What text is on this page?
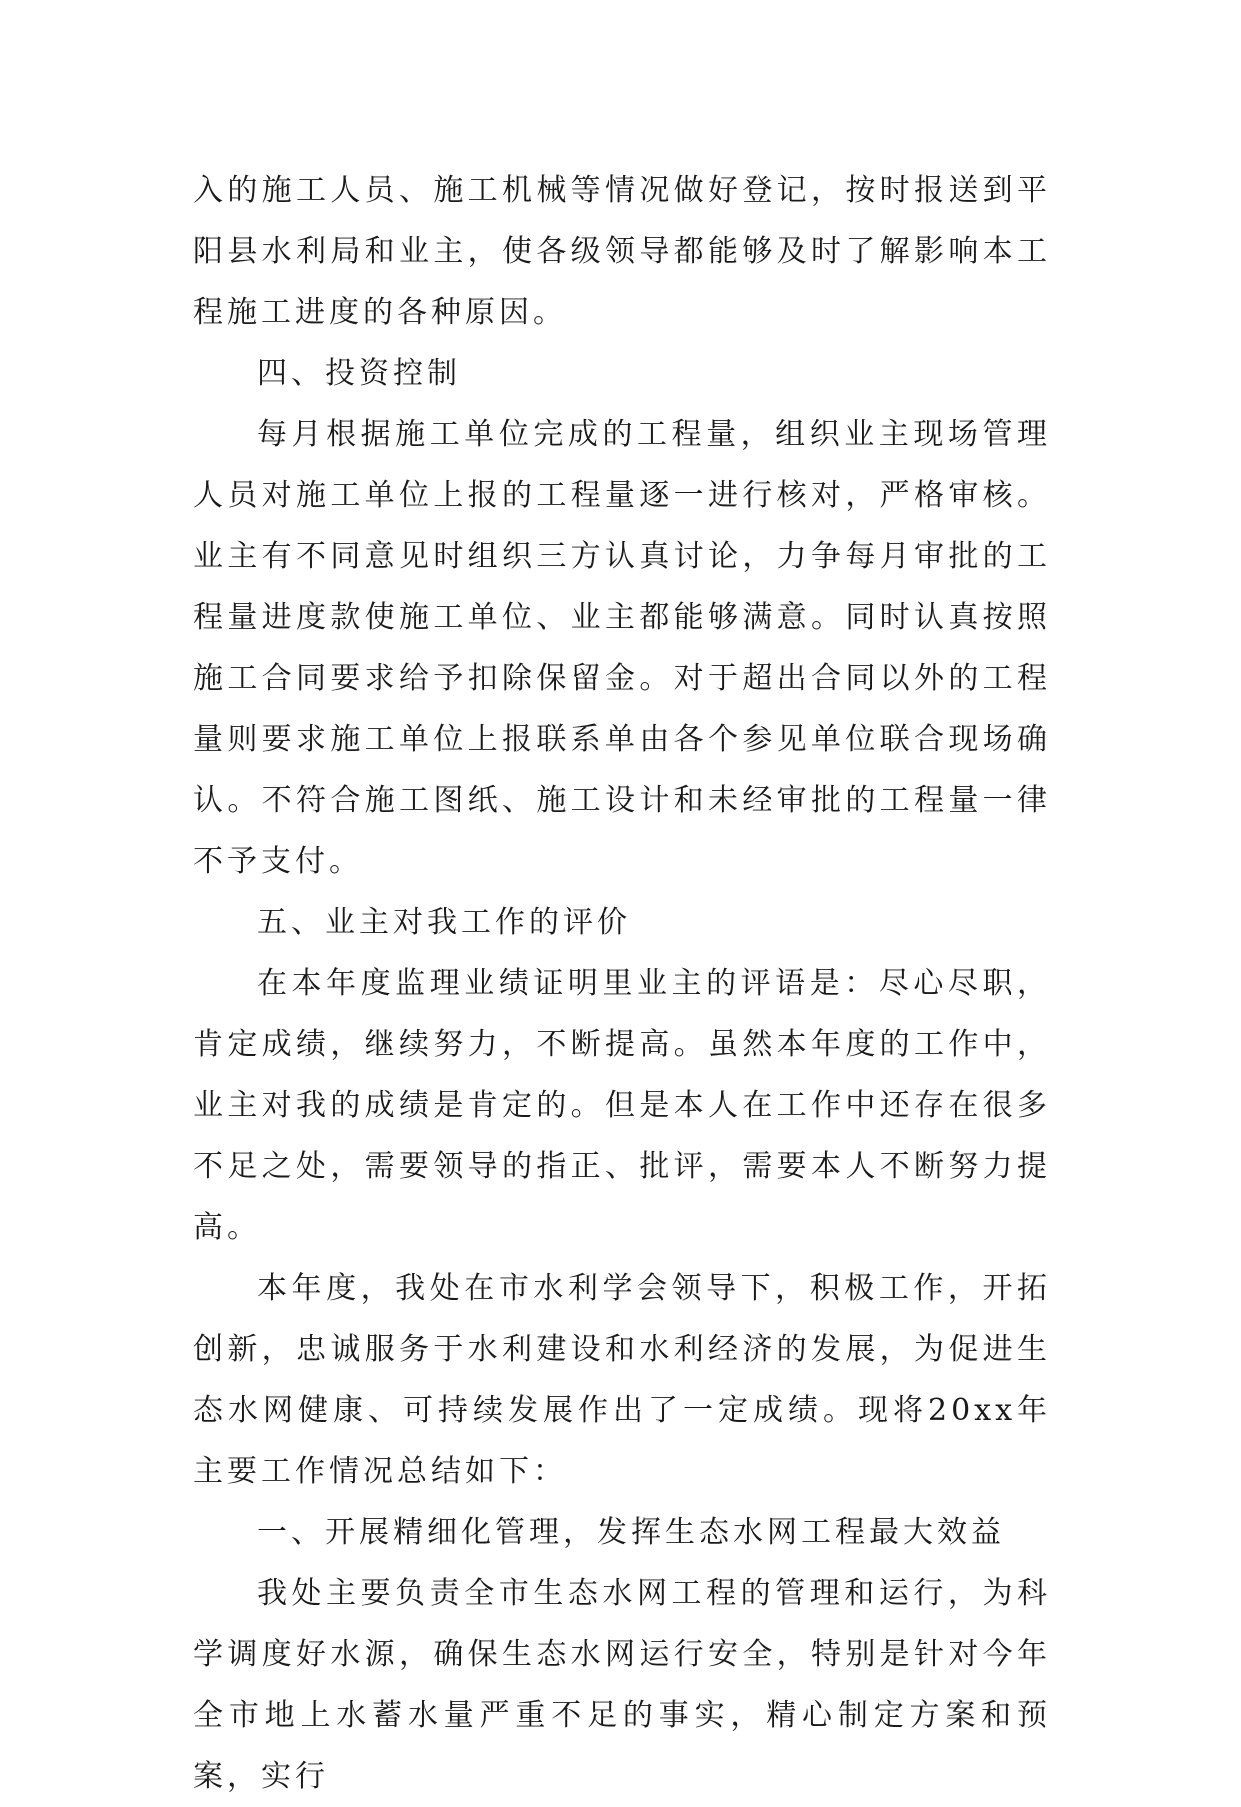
入的施工人员、施工机械等情况做好登记，按时报送到平阳县水利局和业主，使各级领导都能够及时了解影响本工程施工进度的各种原因。

四、投资控制

每月根据施工单位完成的工程量，组织业主现场管理人员对施工单位上报的工程量逐一进行核对，严格审核。业主有不同意见时组织三方认真讨论，力争每月审批的工程量进度款使施工单位、业主都能够满意。同时认真按照施工合同要求给予扣除保留金。对于超出合同以外的工程量则要求施工单位上报联系单由各个参见单位联合现场确认。不符合施工图纸、施工设计和未经审批的工程量一律不予支付。

五、业主对我工作的评价

在本年度监理业绩证明里业主的评语是：尽心尽职，肯定成绩，继续努力，不断提高。虽然本年度的工作中，业主对我的成绩是肯定的。但是本人在工作中还存在很多不足之处，需要领导的指正、批评，需要本人不断努力提高。

本年度，我处在市水利学会领导下，积极工作，开拓创新，忠诚服务于水利建设和水利经济的发展，为促进生态水网健康、可持续发展作出了一定成绩。现将20xx年主要工作情况总结如下：

一、开展精细化管理，发挥生态水网工程最大效益

我处主要负责全市生态水网工程的管理和运行，为科学调度好水源，确保生态水网运行安全，特别是针对今年全市地上水蓄水量严重不足的事实，精心制定方案和预案，实行
